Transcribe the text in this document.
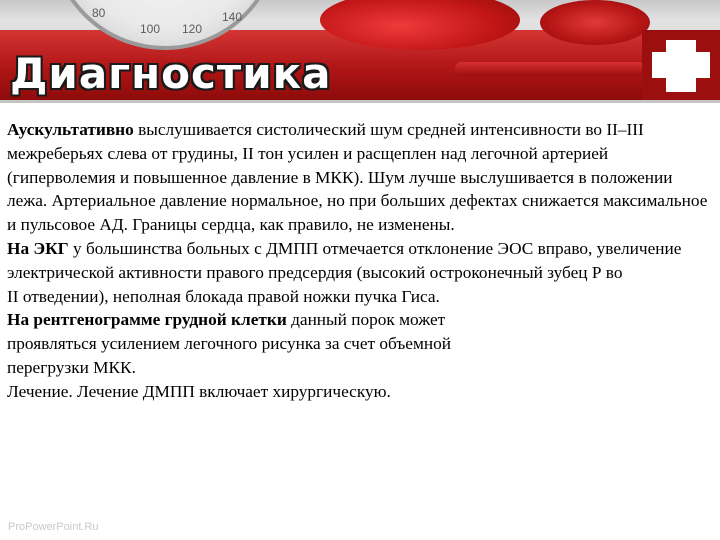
80
100 120
140
Диагностика

Аускультативно выслушивается систолический шум средней интенсивности во II–III межреберьях слева от грудины, II тон усилен и расщеплен над легочной артерией

(гиперволемия и повышенное давление в МКК). Шум лучше выслушивается в положении лежа. Артериальное давление нормальное, но при больших дефектах снижается максимальное и пульсовое АД. Границы сердца, как правило, не изменены.

На ЭКГ у большинства больных с ДМПП отмечается отклонение ЭОС вправо, увеличение электрической активности правого предсердия (высокий остроконечный зубец Р во

II отведении), неполная блокада правой ножки пучка Гиса.

На рентгенограмме грудной клетки данный порок может

проявляться усилением легочного рисунка за счет объемной

перегрузки МКК.

Лечение. Лечение ДМПП включает хирургическую.

ProPowerPoint.Ru
